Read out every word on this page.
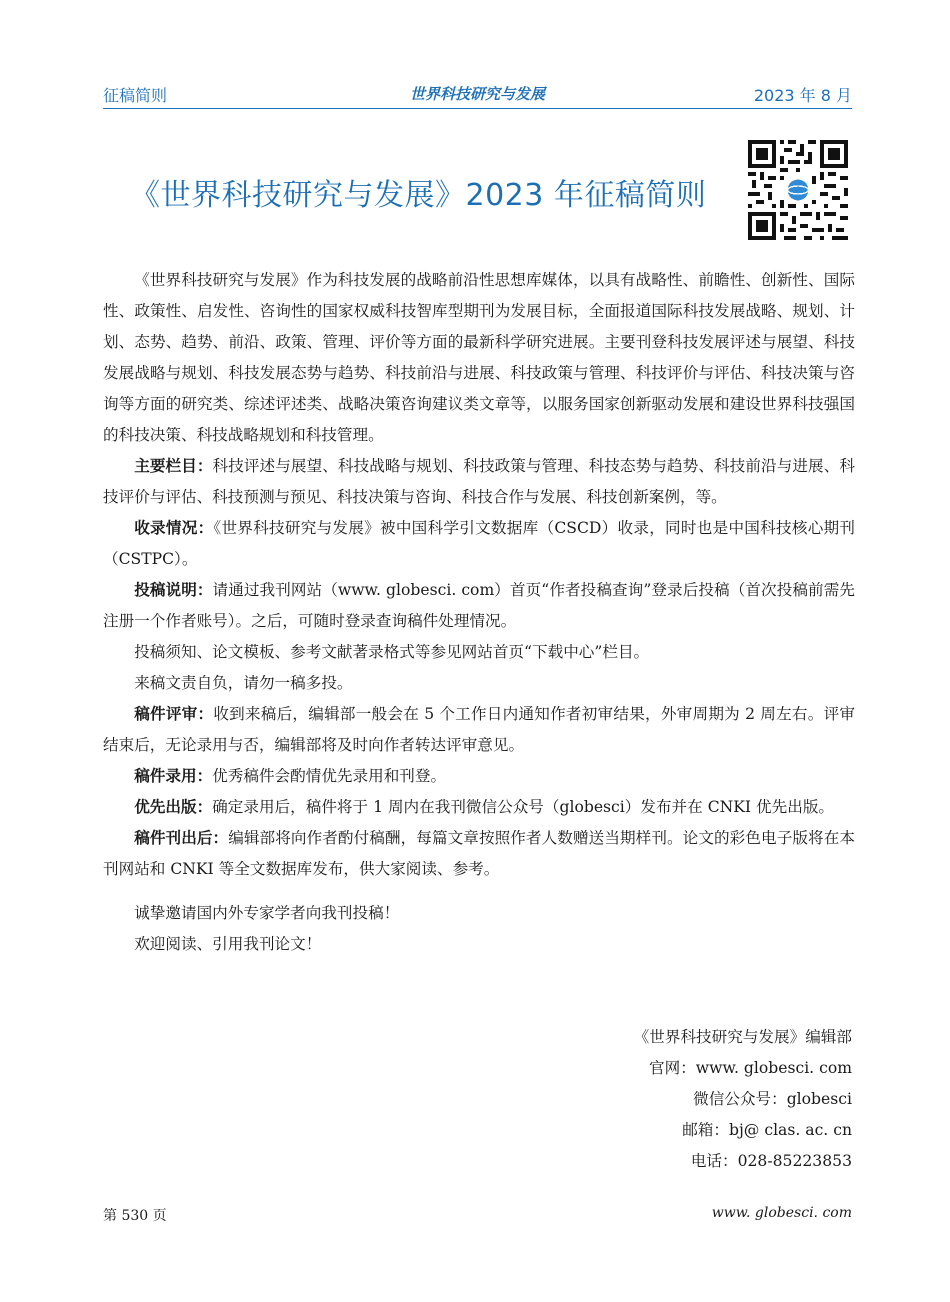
征稿简则	世界科技研究与发展	2023 年 8 月
《世界科技研究与发展》2023 年征稿简则

《世界科技研究与发展》作为科技发展的战略前沿性思想库媒体，以具有战略性、前瞻性、创新性、国际性、政策性、启发性、咨询性的国家权威科技智库型期刊为发展目标，全面报道国际科技发展战略、规划、计划、态势、趋势、前沿、政策、管理、评价等方面的最新科学研究进展。主要刊登科技发展评述与展望、科技发展战略与规划、科技发展态势与趋势、科技前沿与进展、科技政策与管理、科技评价与评估、科技决策与咨询等方面的研究类、综述评述类、战略决策咨询建议类文章等，以服务国家创新驱动发展和建设世界科技强国的科技决策、科技战略规划和科技管理。

主要栏目：科技评述与展望、科技战略与规划、科技政策与管理、科技态势与趋势、科技前沿与进展、科技评价与评估、科技预测与预见、科技决策与咨询、科技合作与发展、科技创新案例，等。

收录情况：《世界科技研究与发展》被中国科学引文数据库（CSCD）收录，同时也是中国科技核心期刊（CSTPC）。

投稿说明：请通过我刊网站（www. globesci. com）首页“作者投稿查询”登录后投稿（首次投稿前需先注册一个作者账号）。之后，可随时登录查询稿件处理情况。

投稿须知、论文模板、参考文献著录格式等参见网站首页“下载中心”栏目。

来稿文责自负，请勿一稿多投。

稿件评审：收到来稿后，编辑部一般会在 5 个工作日内通知作者初审结果，外审周期为 2 周左右。评审结束后，无论录用与否，编辑部将及时向作者转达评审意见。

稿件录用：优秀稿件会酌情优先录用和刊登。

优先出版：确定录用后，稿件将于 1 周内在我刊微信公众号（globesci）发布并在 CNKI 优先出版。

稿件刊出后：编辑部将向作者酌付稿酬，每篇文章按照作者人数赠送当期样刊。论文的彩色电子版将在本刊网站和 CNKI 等全文数据库发布，供大家阅读、参考。

诚挚邀请国内外专家学者向我刊投稿！

欢迎阅读、引用我刊论文！

《世界科技研究与发展》编辑部
官网：www. globesci. com
微信公众号：globesci
邮箱：bj@ clas. ac. cn
电话：028-85223853
第 530 页	www. globesci. com
